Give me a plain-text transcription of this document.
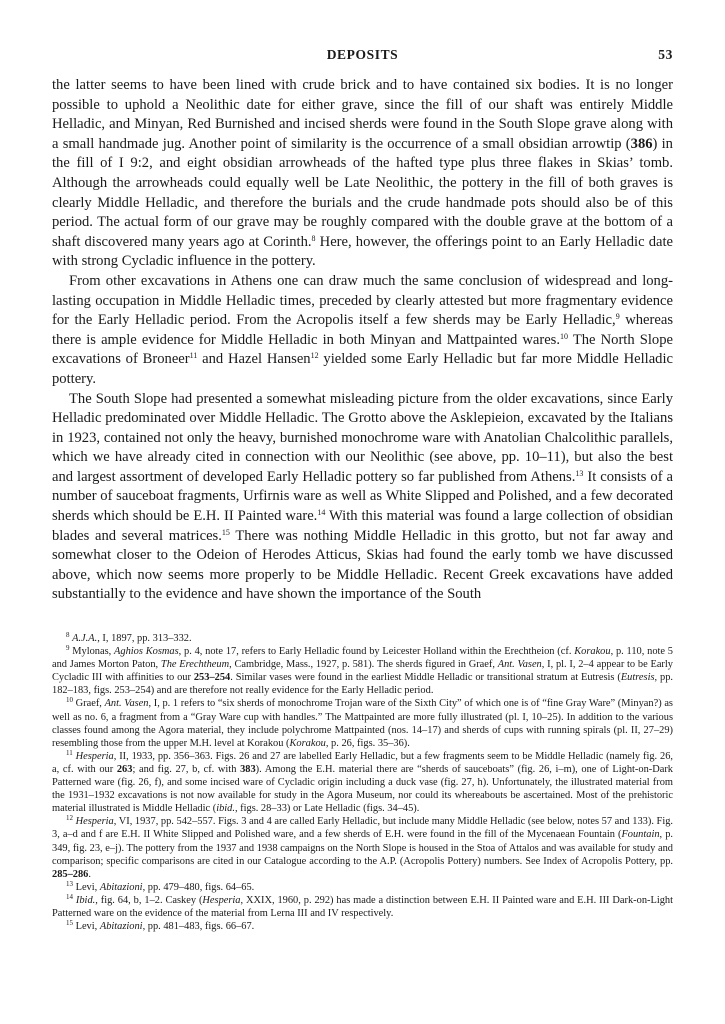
DEPOSITS	53

the latter seems to have been lined with crude brick and to have contained six bodies. It is no longer possible to uphold a Neolithic date for either grave, since the fill of our shaft was entirely Middle Helladic, and Minyan, Red Burnished and incised sherds were found in the South Slope grave along with a small handmade jug. Another point of similarity is the occurrence of a small obsidian arrowtip (386) in the fill of I 9:2, and eight obsidian arrowheads of the hafted type plus three flakes in Skias’ tomb. Although the arrowheads could equally well be Late Neolithic, the pottery in the fill of both graves is clearly Middle Helladic, and therefore the burials and the crude handmade pots should also be of this period. The actual form of our grave may be roughly compared with the double grave at the bottom of a shaft discovered many years ago at Corinth.$^8$ Here, however, the offerings point to an Early Helladic date with strong Cycladic influence in the pottery.

From other excavations in Athens one can draw much the same conclusion of widespread and long-lasting occupation in Middle Helladic times, preceded by clearly attested but more fragmentary evidence for the Early Helladic period. From the Acropolis itself a few sherds may be Early Helladic,$^9$ whereas there is ample evidence for Middle Helladic in both Minyan and Mattpainted wares.$^{10}$ The North Slope excavations of Broneer$^{11}$ and Hazel Hansen$^{12}$ yielded some Early Helladic but far more Middle Helladic pottery.

The South Slope had presented a somewhat misleading picture from the older excavations, since Early Helladic predominated over Middle Helladic. The Grotto above the Asklepieion, excavated by the Italians in 1923, contained not only the heavy, burnished monochrome ware with Anatolian Chalcolithic parallels, which we have already cited in connection with our Neolithic (see above, pp. 10–11), but also the best and largest assortment of developed Early Helladic pottery so far published from Athens.$^{13}$ It consists of a number of sauceboat fragments, Urfirnis ware as well as White Slipped and Polished, and a few decorated sherds which should be E.H. II Painted ware.$^{14}$ With this material was found a large collection of obsidian blades and several matrices.$^{15}$ There was nothing Middle Helladic in this grotto, but not far away and somewhat closer to the Odeion of Herodes Atticus, Skias had found the early tomb we have discussed above, which now seems more properly to be Middle Helladic. Recent Greek excavations have added substantially to the evidence and have shown the importance of the South

$^8$ A.J.A., I, 1897, pp. 313–332.

$^9$ Mylonas, Aghios Kosmas, p. 4, note 17, refers to Early Helladic found by Leicester Holland within the Erechtheion (cf. Korakou, p. 110, note 5 and James Morton Paton, The Erechtheum, Cambridge, Mass., 1927, p. 581). The sherds figured in Graef, Ant. Vasen, I, pl. I, 2–4 appear to be Early Cycladic III with affinities to our 253–254. Similar vases were found in the earliest Middle Helladic or transitional stratum at Eutresis (Eutresis, pp. 182–183, figs. 253–254) and are therefore not really evidence for the Early Helladic period.

$^{10}$ Graef, Ant. Vasen, I, p. 1 refers to “six sherds of monochrome Trojan ware of the Sixth City” of which one is of “fine Gray Ware” (Minyan?) as well as no. 6, a fragment from a “Gray Ware cup with handles.” The Mattpainted are more fully illustrated (pl. I, 10–25). In addition to the various classes found among the Agora material, they include polychrome Mattpainted (nos. 14–17) and sherds of cups with running spirals (pl. II, 27–29) resembling those from the upper M.H. level at Korakou (Korakou, p. 26, figs. 35–36).

$^{11}$ Hesperia, II, 1933, pp. 356–363. Figs. 26 and 27 are labelled Early Helladic, but a few fragments seem to be Middle Helladic (namely fig. 26, a, cf. with our 263; and fig. 27, b, cf. with 383). Among the E.H. material there are “sherds of sauceboats” (fig. 26, i–m), one of Light-on-Dark Patterned ware (fig. 26, f), and some incised ware of Cycladic origin including a duck vase (fig. 27, h). Unfortunately, the illustrated material from the 1931–1932 excavations is not now available for study in the Agora Museum, nor could its whereabouts be ascertained. Most of the prehistoric material illustrated is Middle Helladic (ibid., figs. 28–33) or Late Helladic (figs. 34–45).

$^{12}$ Hesperia, VI, 1937, pp. 542–557. Figs. 3 and 4 are called Early Helladic, but include many Middle Helladic (see below, notes 57 and 133). Fig. 3, a–d and f are E.H. II White Slipped and Polished ware, and a few sherds of E.H. were found in the fill of the Mycenaean Fountain (Fountain, p. 349, fig. 23, e–j). The pottery from the 1937 and 1938 campaigns on the North Slope is housed in the Stoa of Attalos and was available for study and comparison; specific comparisons are cited in our Catalogue according to the A.P. (Acropolis Pottery) numbers. See Index of Acropolis Pottery, pp. 285–286.

$^{13}$ Levi, Abitazioni, pp. 479–480, figs. 64–65.

$^{14}$ Ibid., fig. 64, b, 1–2. Caskey (Hesperia, XXIX, 1960, p. 292) has made a distinction between E.H. II Painted ware and E.H. III Dark-on-Light Patterned ware on the evidence of the material from Lerna III and IV respectively.

$^{15}$ Levi, Abitazioni, pp. 481–483, figs. 66–67.
